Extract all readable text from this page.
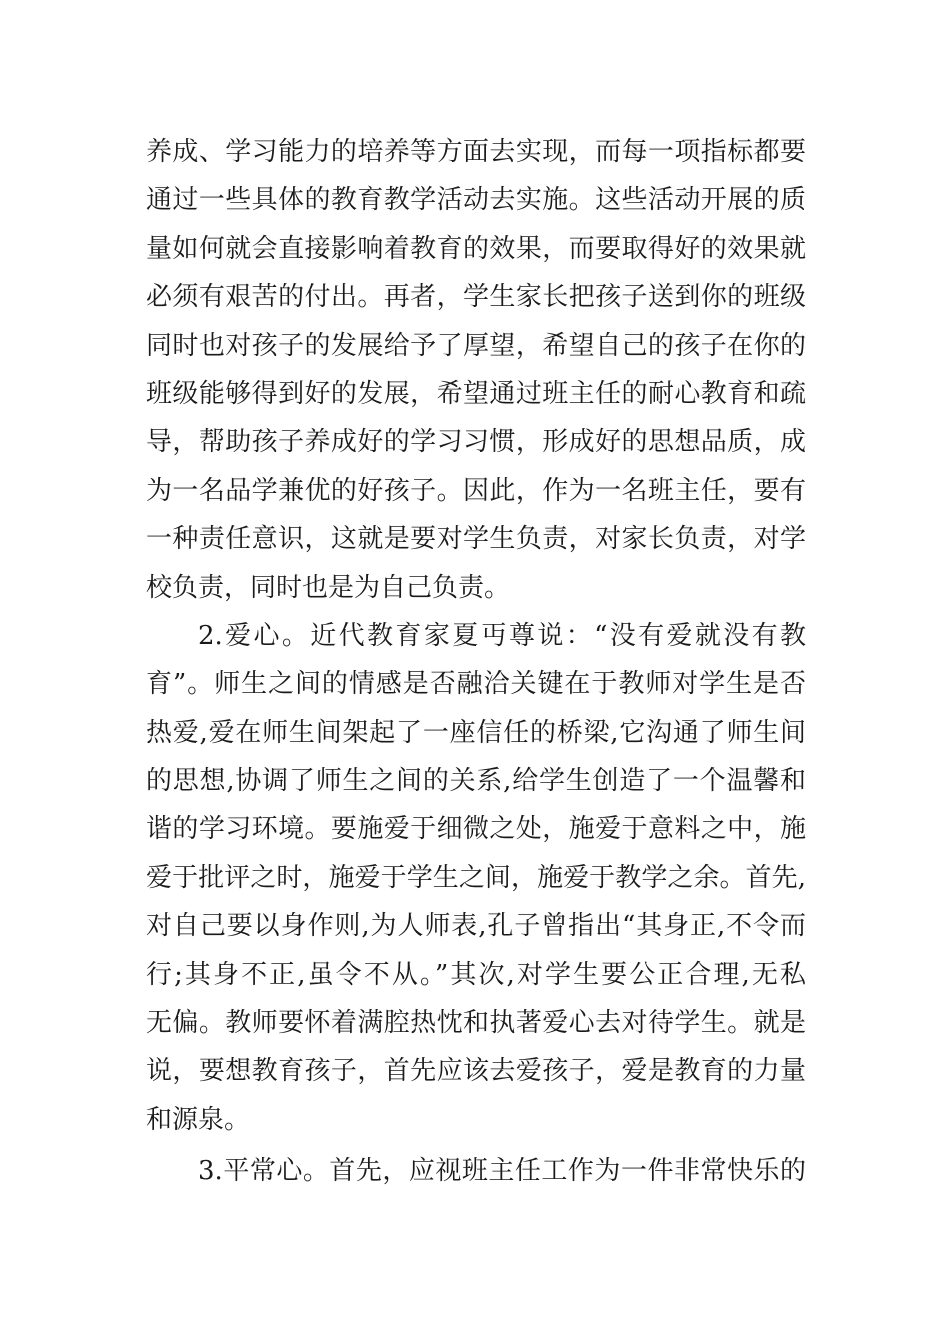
养成、学习能力的培养等方面去实现，而每一项指标都要
通过一些具体的教育教学活动去实施。这些活动开展的质
量如何就会直接影响着教育的效果，而要取得好的效果就
必须有艰苦的付出。再者，学生家长把孩子送到你的班级
同时也对孩子的发展给予了厚望，希望自己的孩子在你的
班级能够得到好的发展，希望通过班主任的耐心教育和疏
导，帮助孩子养成好的学习习惯，形成好的思想品质，成
为一名品学兼优的好孩子。因此，作为一名班主任，要有
一种责任意识，这就是要对学生负责，对家长负责，对学
校负责，同时也是为自己负责。
2.爱心。近代教育家夏丏尊说：“没有爱就没有教
育”。师生之间的情感是否融洽关键在于教师对学生是否
热爱,爱在师生间架起了一座信任的桥梁,它沟通了师生间
的思想,协调了师生之间的关系,给学生创造了一个温馨和
谐的学习环境。要施爱于细微之处，施爱于意料之中，施
爱于批评之时，施爱于学生之间，施爱于教学之余。首先,
对自己要以身作则,为人师表,孔子曾指出“其身正,不令而
行;其身不正,虽令不从。”其次,对学生要公正合理,无私
无偏。教师要怀着满腔热忱和执著爱心去对待学生。就是
说，要想教育孩子，首先应该去爱孩子，爱是教育的力量
和源泉。
3.平常心。首先，应视班主任工作为一件非常快乐的
